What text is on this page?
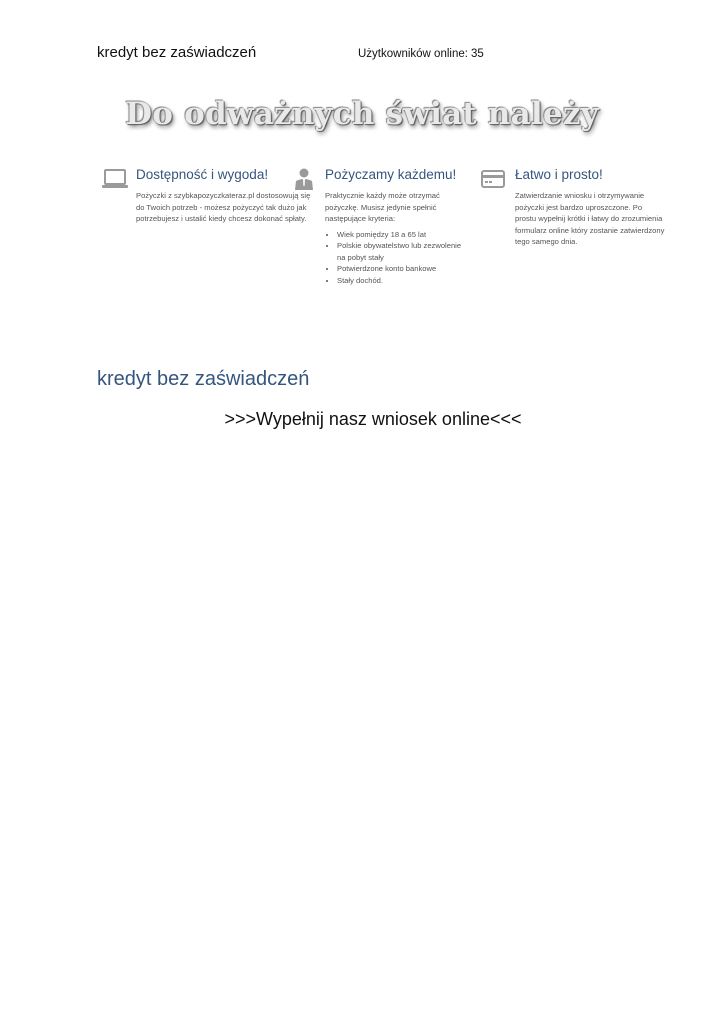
kredyt bez zaświadczeń	Użytkowników online: 35
Do odważnych świat należy
Dostępność i wygoda!

Pożyczki z szybkapozyczkateraz.pl dostosowują się do Twoich potrzeb - możesz pożyczyć tak dużo jak potrzebujesz i ustalić kiedy chcesz dokonać spłaty.

Pożyczamy każdemu!

Praktycznie każdy może otrzymać pożyczkę. Musisz jedynie spełnić następujące kryteria:

• Wiek pomiędzy 18 a 65 lat
• Polskie obywatelstwo lub zezwolenie na pobyt stały
• Potwierdzone konto bankowe
• Stały dochód.
Łatwo i prosto!

Zatwierdzanie wniosku i otrzymywanie pożyczki jest bardzo uproszczone. Po prostu wypełnij krótki i łatwy do zrozumienia formularz online który zostanie zatwierdzony tego samego dnia.

kredyt bez zaświadczeń
>>>Wypełnij nasz wniosek online<<<
